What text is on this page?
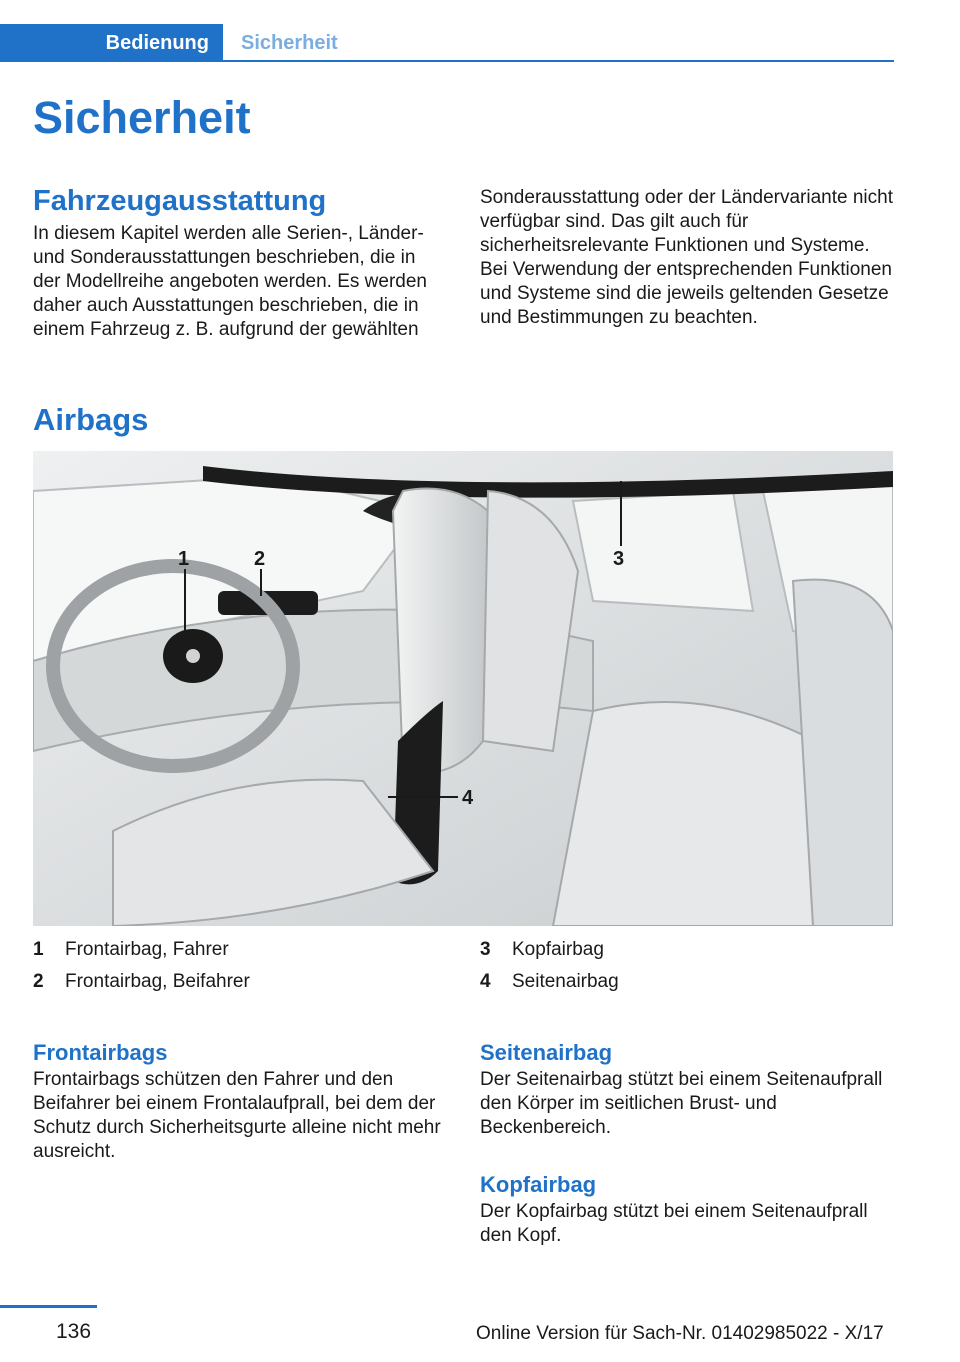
Bedienung	Sicherheit
Sicherheit
Fahrzeugausstattung

In diesem Kapitel werden alle Serien-, Länder- und Sonderausstattungen beschrieben, die in der Modellreihe angeboten werden. Es werden daher auch Ausstattungen beschrieben, die in einem Fahrzeug z. B. aufgrund der gewählten

Sonderausstattung oder der Ländervariante nicht verfügbar sind. Das gilt auch für sicherheitsrelevante Funktionen und Systeme. Bei Verwendung der entsprechenden Funktionen und Systeme sind die jeweils geltenden Gesetze und Bestimmungen zu beachten.

Airbags
1	2	3
4
1	Frontairbag, Fahrer
2	Frontairbag, Beifahrer
3	Kopfairbag
4	Seitenairbag
Frontairbags

Frontairbags schützen den Fahrer und den Beifahrer bei einem Frontalaufprall, bei dem der Schutz durch Sicherheitsgurte alleine nicht mehr ausreicht.

Seitenairbag

Der Seitenairbag stützt bei einem Seitenaufprall den Körper im seitlichen Brust- und Beckenbereich.

Kopfairbag

Der Kopfairbag stützt bei einem Seitenaufprall den Kopf.

136	Online Version für Sach-Nr. 01402985022 - X/17
